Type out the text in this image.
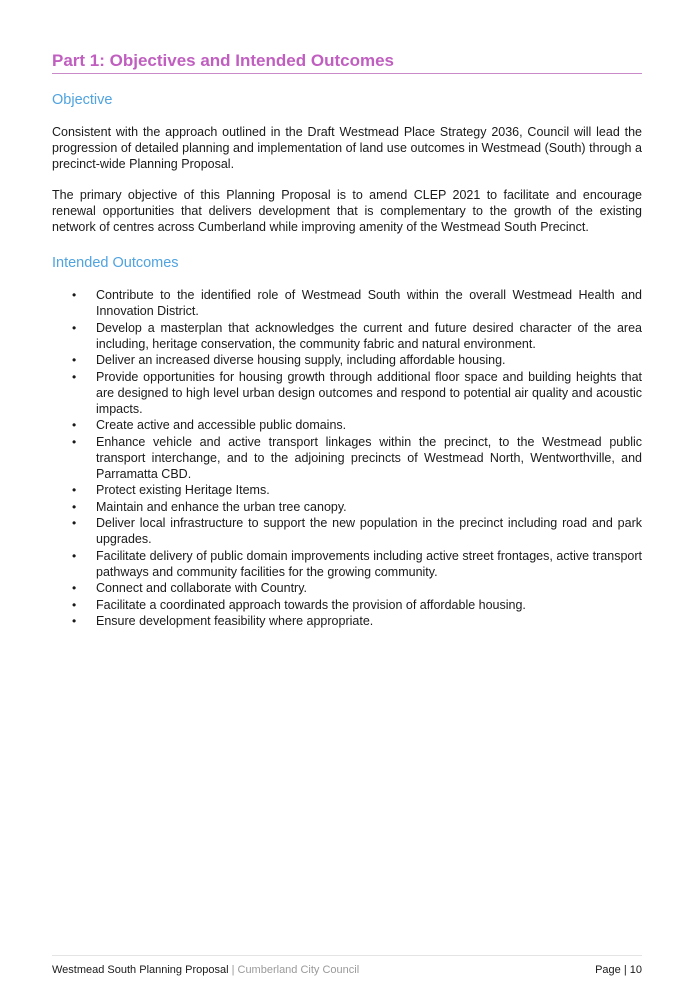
Part 1: Objectives and Intended Outcomes
Objective

Consistent with the approach outlined in the Draft Westmead Place Strategy 2036, Council will lead the progression of detailed planning and implementation of land use outcomes in Westmead (South) through a precinct-wide Planning Proposal.

The primary objective of this Planning Proposal is to amend CLEP 2021 to facilitate and encourage renewal opportunities that delivers development that is complementary to the growth of the existing network of centres across Cumberland while improving amenity of the Westmead South Precinct.

Intended Outcomes
• Contribute to the identified role of Westmead South within the overall Westmead Health and Innovation District.
• Develop a masterplan that acknowledges the current and future desired character of the area including, heritage conservation, the community fabric and natural environment.
• Deliver an increased diverse housing supply, including affordable housing.
• Provide opportunities for housing growth through additional floor space and building heights that are designed to high level urban design outcomes and respond to potential air quality and acoustic impacts.
• Create active and accessible public domains.
• Enhance vehicle and active transport linkages within the precinct, to the Westmead public transport interchange, and to the adjoining precincts of Westmead North, Wentworthville, and Parramatta CBD.
• Protect existing Heritage Items.
• Maintain and enhance the urban tree canopy.
• Deliver local infrastructure to support the new population in the precinct including road and park upgrades.
• Facilitate delivery of public domain improvements including active street frontages, active transport pathways and community facilities for the growing community.
• Connect and collaborate with Country.
• Facilitate a coordinated approach towards the provision of affordable housing.
• Ensure development feasibility where appropriate.
Westmead South Planning Proposal | Cumberland City Council	Page | 10
